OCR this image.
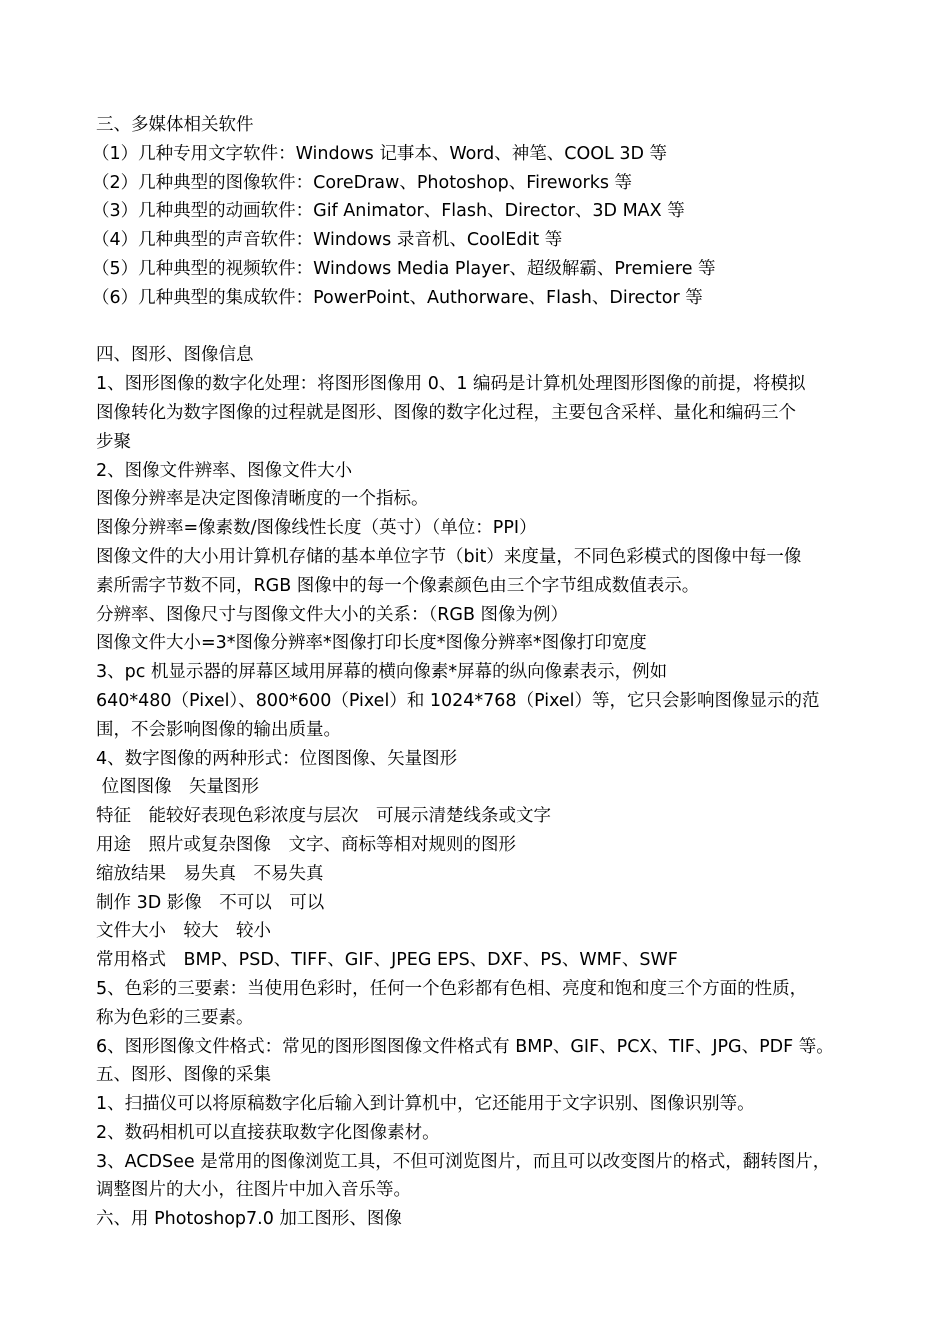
三、多媒体相关软件
（1）几种专用文字软件：Windows 记事本、Word、神笔、COOL 3D 等
（2）几种典型的图像软件：CoreDraw、Photoshop、Fireworks 等
（3）几种典型的动画软件：Gif Animator、Flash、Director、3D MAX 等
（4）几种典型的声音软件：Windows 录音机、CoolEdit 等
（5）几种典型的视频软件：Windows Media Player、超级解霸、Premiere 等
（6）几种典型的集成软件：PowerPoint、Authorware、Flash、Director 等
四、图形、图像信息
1、图形图像的数字化处理：将图形图像用 0、1 编码是计算机处理图形图像的前提，将模拟
图像转化为数字图像的过程就是图形、图像的数字化过程，主要包含采样、量化和编码三个
步聚
2、图像文件辨率、图像文件大小
图像分辨率是决定图像清晰度的一个指标。
图像分辨率=像素数/图像线性长度（英寸）（单位：PPI）
图像文件的大小用计算机存储的基本单位字节（bit）来度量，不同色彩模式的图像中每一像
素所需字节数不同，RGB 图像中的每一个像素颜色由三个字节组成数值表示。
分辨率、图像尺寸与图像文件大小的关系：（RGB 图像为例）
图像文件大小=3*图像分辨率*图像打印长度*图像分辨率*图像打印宽度
3、pc 机显示器的屏幕区域用屏幕的横向像素*屏幕的纵向像素表示，例如
640*480（Pixel）、800*600（Pixel）和 1024*768（Pixel）等，它只会影响图像显示的范
围，不会影响图像的输出质量。
4、数字图像的两种形式：位图图像、矢量图形
位图图像　矢量图形
特征　能较好表现色彩浓度与层次　可展示清楚线条或文字
用途　照片或复杂图像　文字、商标等相对规则的图形
缩放结果　易失真　不易失真
制作 3D 影像　不可以　可以
文件大小　较大　较小
常用格式　BMP、PSD、TIFF、GIF、JPEG EPS、DXF、PS、WMF、SWF
5、色彩的三要素：当使用色彩时，任何一个色彩都有色相、亮度和饱和度三个方面的性质，
称为色彩的三要素。
6、图形图像文件格式：常见的图形图图像文件格式有 BMP、GIF、PCX、TIF、JPG、PDF 等。
五、图形、图像的采集
1、扫描仪可以将原稿数字化后输入到计算机中，它还能用于文字识别、图像识别等。
2、数码相机可以直接获取数字化图像素材。
3、ACDSee 是常用的图像浏览工具，不但可浏览图片，而且可以改变图片的格式，翻转图片，
调整图片的大小，往图片中加入音乐等。
六、用 Photoshop7.0 加工图形、图像
